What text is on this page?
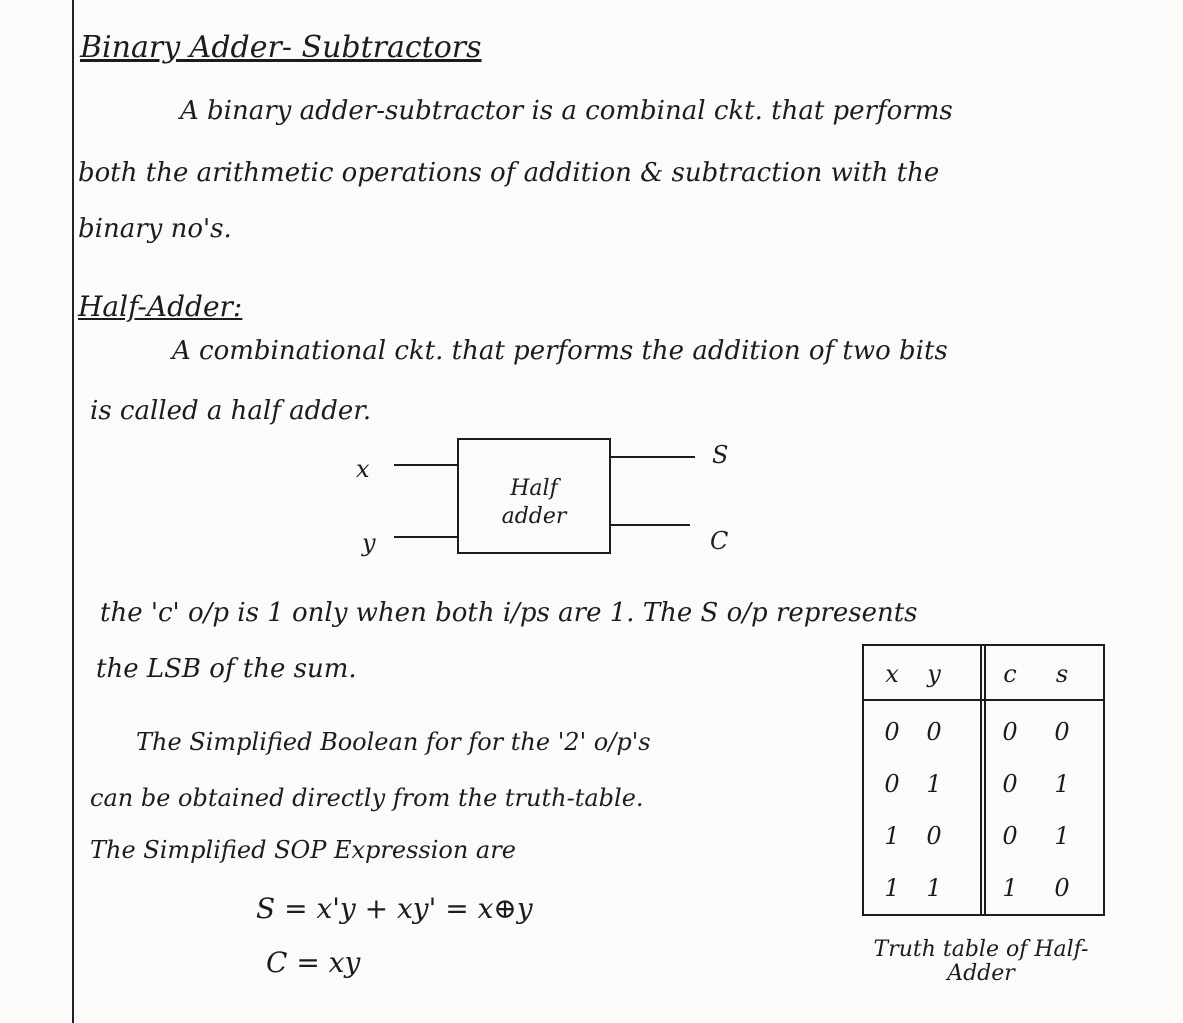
Binary Adder- Subtractors
A binary adder-subtractor is a combinal ckt. that performs
both the arithmetic operations of addition & subtraction with the
binary no's.
Half-Adder:
A combinational ckt. that performs the addition of two bits
is called a half adder.
x
y
S
C
Half
adder
the 'c' o/p is 1 only when both i/ps are 1. The S o/p represents
the LSB of the sum.
The Simplified Boolean for for the '2' o/p's
can be obtained directly from the truth-table.
The Simplified SOP Expression are
S = x'y + xy' = x⊕y
C = xy
x y	c s
0 0	0 0
0 1	0 1
1 0	0 1
1 1	1 0
Truth table of Half-
Adder
